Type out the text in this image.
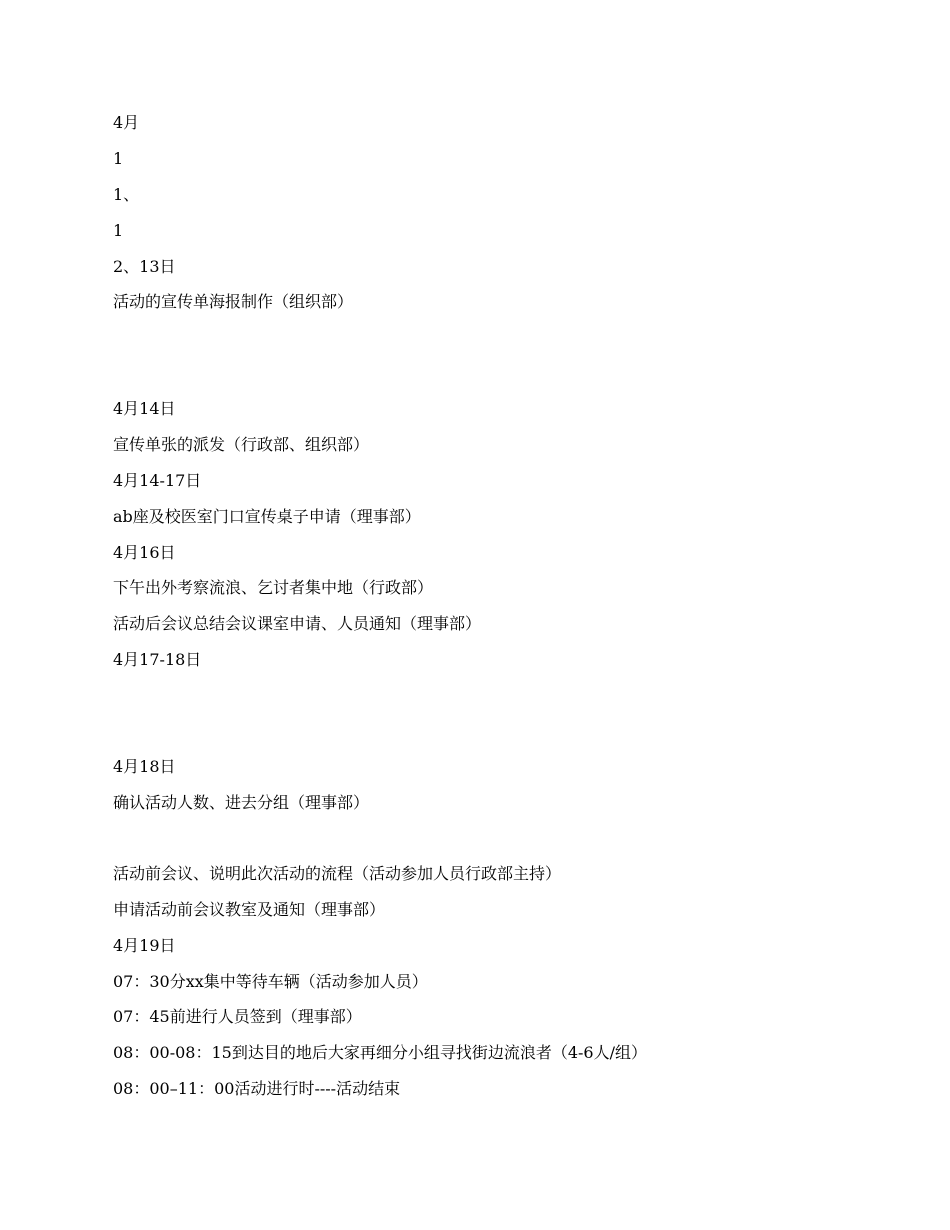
4月
1
1、
1
2、13日
活动的宣传单海报制作（组织部）
4月14日
宣传单张的派发（行政部、组织部）
4月14-17日
ab座及校医室门口宣传桌子申请（理事部）
4月16日
下午出外考察流浪、乞讨者集中地（行政部）
活动后会议总结会议课室申请、人员通知（理事部）
4月17-18日
4月18日
确认活动人数、进去分组（理事部）
活动前会议、说明此次活动的流程（活动参加人员行政部主持）
申请活动前会议教室及通知（理事部）
4月19日
07：30分xx集中等待车辆（活动参加人员）
07：45前进行人员签到（理事部）
08：00-08：15到达目的地后大家再细分小组寻找街边流浪者（4-6人/组）
08：00–11：00活动进行时----活动结束
